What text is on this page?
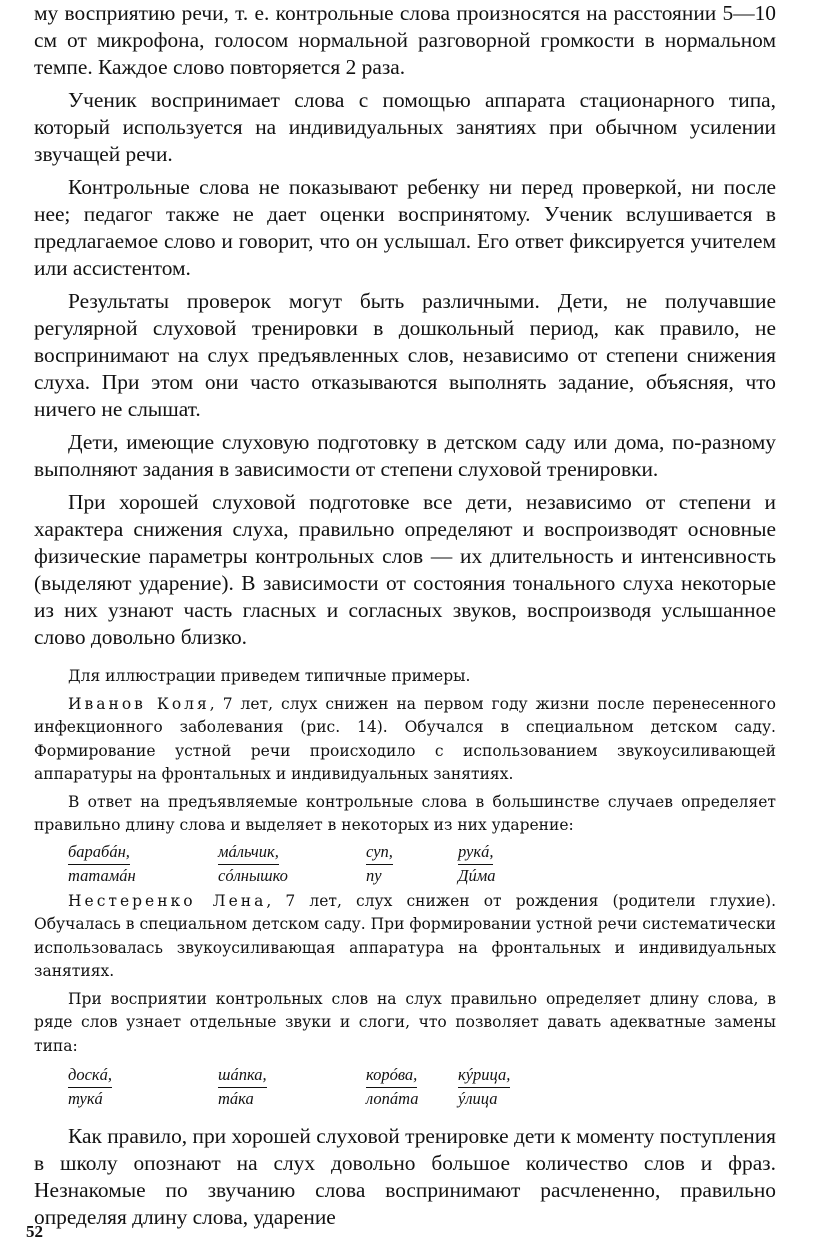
му восприятию речи, т. е. контрольные слова произносятся на расстоянии 5—10 см от микрофона, голосом нормальной разговорной громкости в нормальном темпе. Каждое слово повторяется 2 раза.

Ученик воспринимает слова с помощью аппарата стационарного типа, который используется на индивидуальных занятиях при обычном усилении звучащей речи.

Контрольные слова не показывают ребенку ни перед проверкой, ни после нее; педагог также не дает оценки воспринятому. Ученик вслушивается в предлагаемое слово и говорит, что он услышал. Его ответ фиксируется учителем или ассистентом.

Результаты проверок могут быть различными. Дети, не получавшие регулярной слуховой тренировки в дошкольный период, как правило, не воспринимают на слух предъявленных слов, независимо от степени снижения слуха. При этом они часто отказываются выполнять задание, объясняя, что ничего не слышат.

Дети, имеющие слуховую подготовку в детском саду или дома, по-разному выполняют задания в зависимости от степени слуховой тренировки.

При хорошей слуховой подготовке все дети, независимо от степени и характера снижения слуха, правильно определяют и воспроизводят основные физические параметры контрольных слов — их длительность и интенсивность (выделяют ударение). В зависимости от состояния тонального слуха некоторые из них узнают часть гласных и согласных звуков, воспроизводя услышанное слово довольно близко.

Для иллюстрации приведем типичные примеры.

Иванов Коля, 7 лет, слух снижен на первом году жизни после перенесенного инфекционного заболевания (рис. 14). Обучался в специальном детском саду. Формирование устной речи происходило с использованием звукоусиливающей аппаратуры на фронтальных и индивидуальных занятиях.

В ответ на предъявляемые контрольные слова в большинстве случаев определяет правильно длину слова и выделяет в некоторых из них ударение:

барабáн,	мáльчик,	суп,	рукá,
татамáн	сóлнышко	пу	Дúма

Нестеренко Лена, 7 лет, слух снижен от рождения (родители глухие). Обучалась в специальном детском саду. При формировании устной речи систематически использовалась звукоусиливающая аппаратура на фронтальных и индивидуальных занятиях.

При восприятии контрольных слов на слух правильно определяет длину слова, в ряде слов узнает отдельные звуки и слоги, что позволяет давать адекватные замены типа:

доскá,	шáпка,	корóва,	кýрица,
тукá	тáка	лопáта	ýлица

Как правило, при хорошей слуховой тренировке дети к моменту поступления в школу опознают на слух довольно большое количество слов и фраз. Незнакомые по звучанию слова воспринимают расчлененно, правильно определяя длину слова, ударение

52
